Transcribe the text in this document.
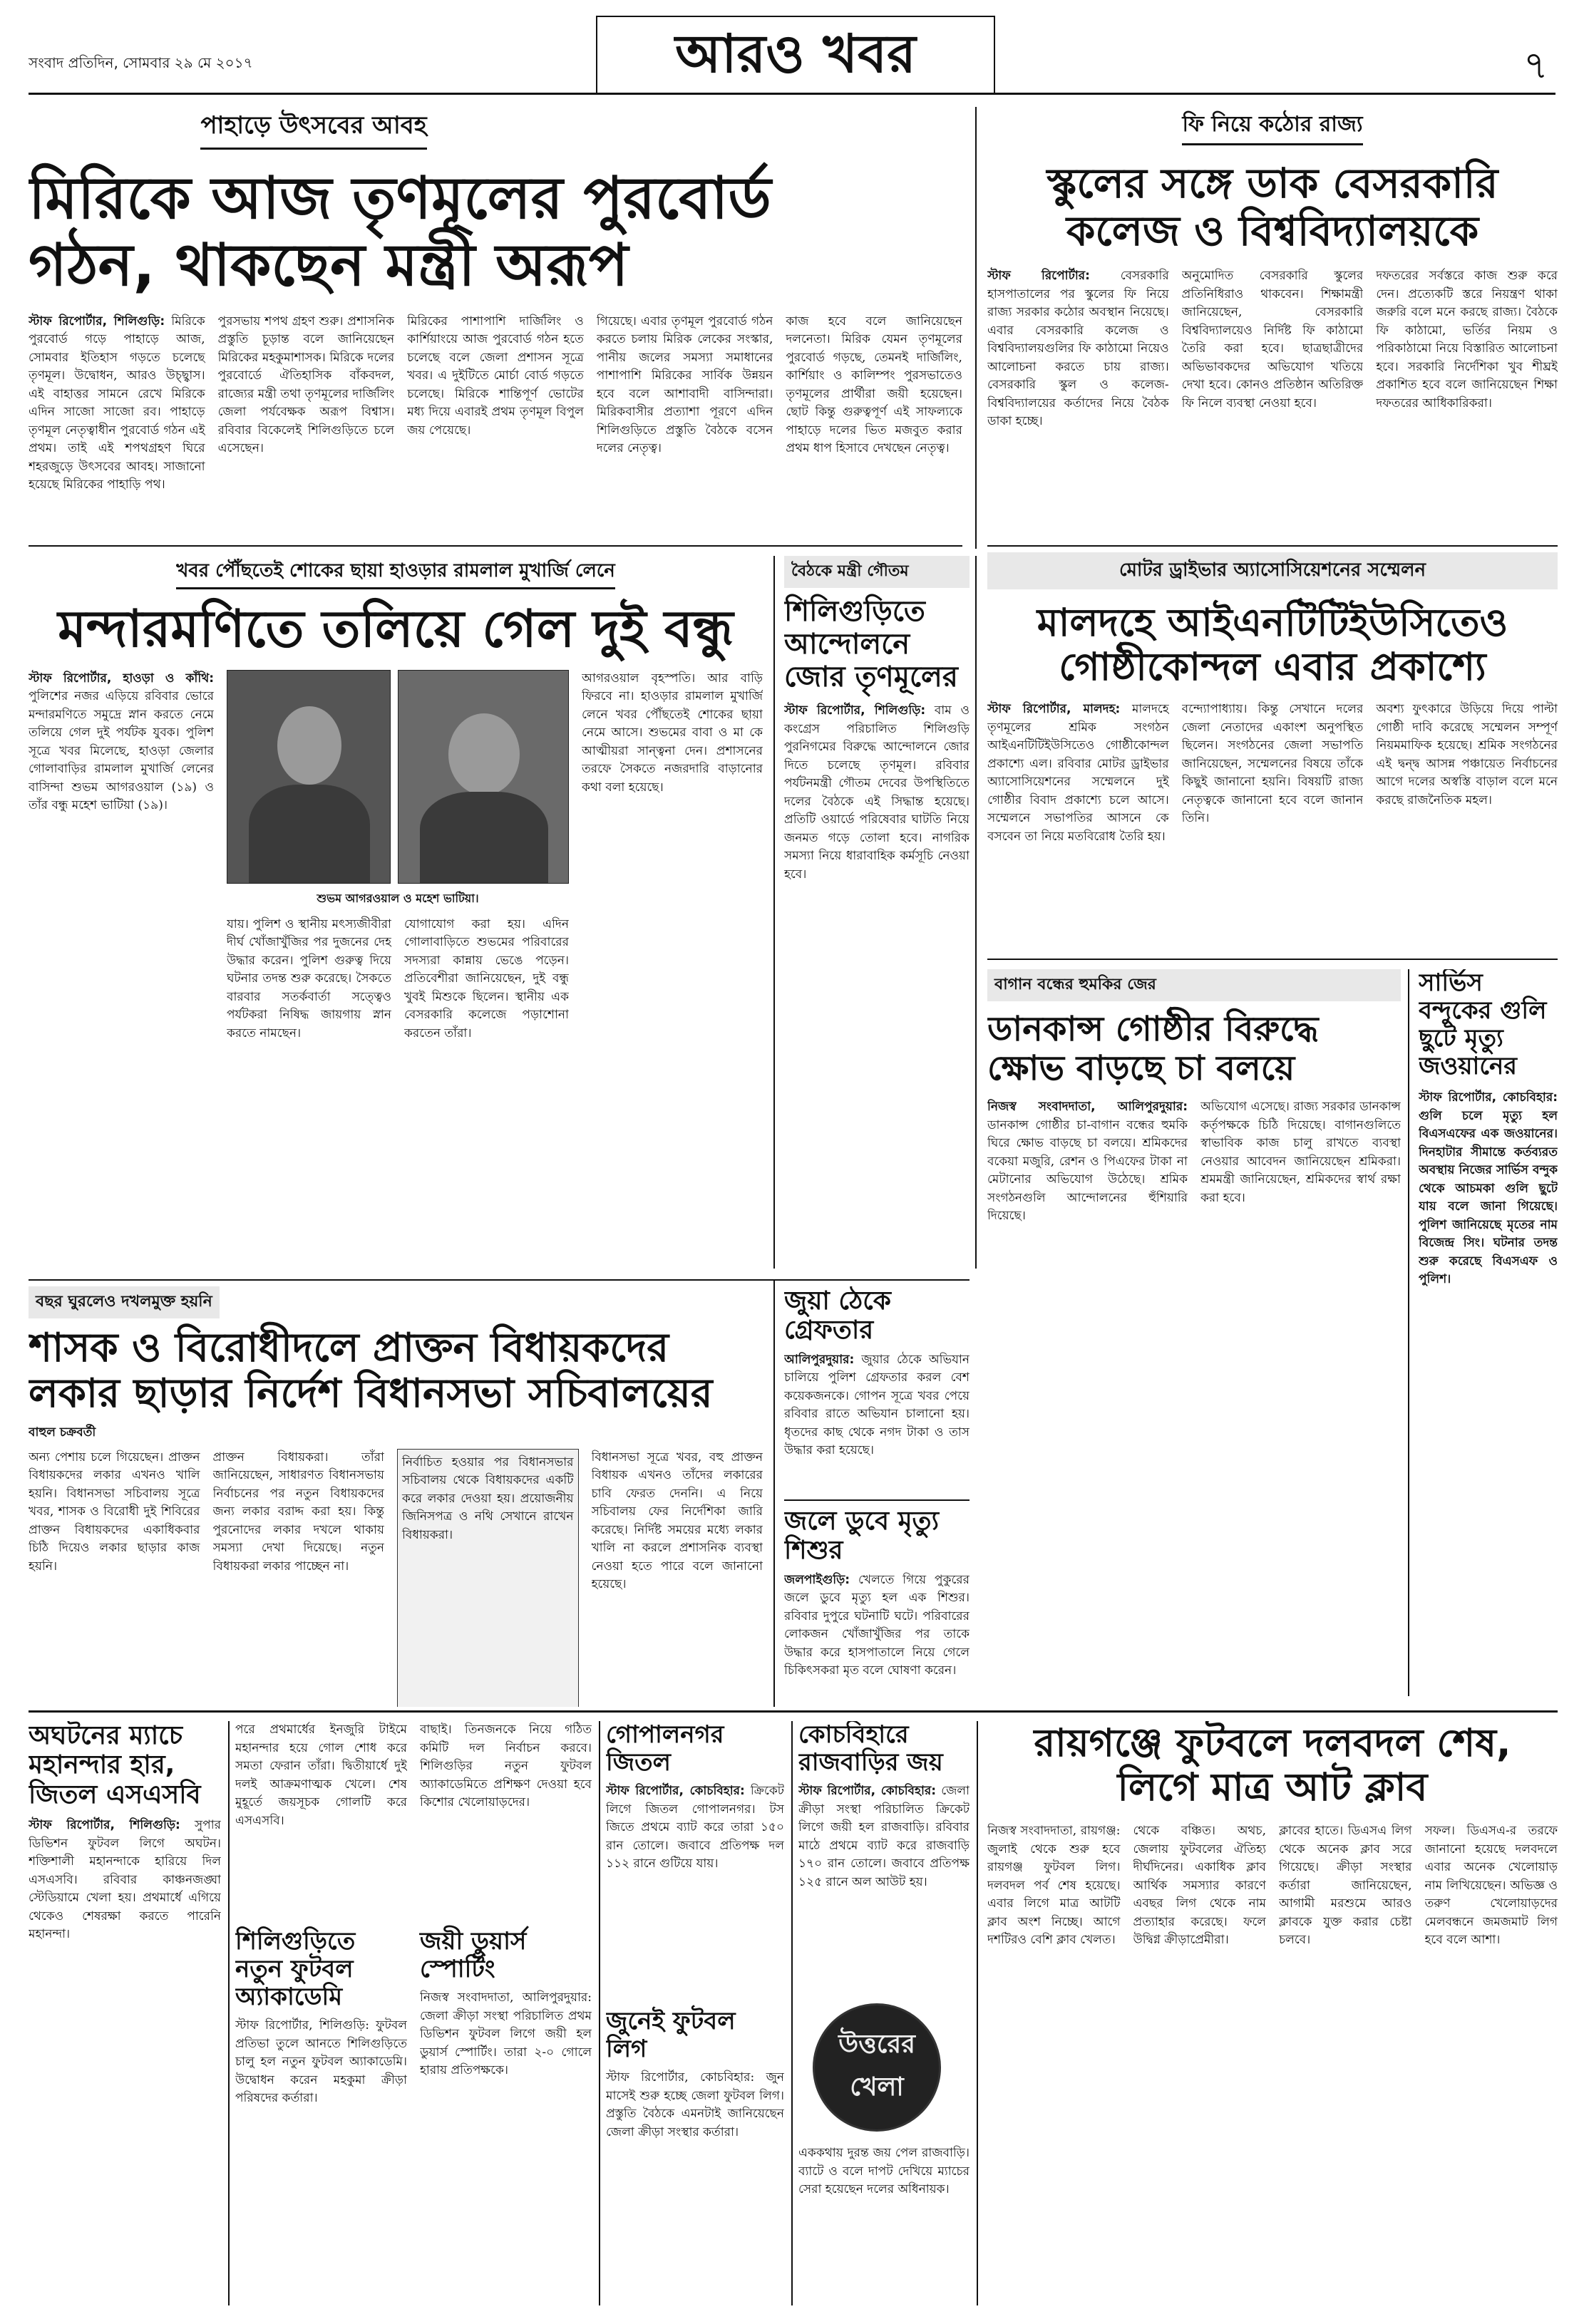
সংবাদ প্রতিদিন, সোমবার ২৯ মে ২০১৭	আরও খবর	৭
পাহাড়ে উৎসবের আবহ
মিরিকে আজ তৃণমূলের পুরবোর্ড
গঠন, থাকছেন মন্ত্রী অরূপ
স্টাফ রিপোর্টার, শিলিগুড়ি: মিরিকে পুরবোর্ড গড়ে পাহাড়ে আজ, সোমবার ইতিহাস গড়তে চলেছে তৃণমূল। উদ্বোধন, আরও উচ্ছ্বাস। এই বাহাত্তর সামনে রেখে মিরিকে এদিন সাজো সাজো রব। পাহাড়ে তৃণমূল নেতৃত্বাধীন পুরবোর্ড গঠন এই প্রথম। তাই এই শপথগ্রহণ ঘিরে শহরজুড়ে উৎসবের আবহ। সাজানো হয়েছে মিরিকের পাহাড়ি পথ।
পুরসভায় শপথ গ্রহণ শুরু। প্রশাসনিক প্রস্তুতি চূড়ান্ত বলে জানিয়েছেন মিরিকের মহকুমাশাসক। মিরিকে দলের পুরবোর্ডে ঐতিহাসিক বাঁকবদল, রাজ্যের মন্ত্রী তথা তৃণমূলের দার্জিলিং জেলা পর্যবেক্ষক অরূপ বিশ্বাস। রবিবার বিকেলেই শিলিগুড়িতে চলে এসেছেন।
মিরিকের পাশাপাশি দার্জিলিং ও কার্শিয়াংয়ে আজ পুরবোর্ড গঠন হতে চলেছে বলে জেলা প্রশাসন সূত্রে খবর। এ দুইটিতে মোর্চা বোর্ড গড়তে চলেছে। মিরিকে শান্তিপূর্ণ ভোটের মধ্য দিয়ে এবারই প্রথম তৃণমূল বিপুল জয় পেয়েছে।
গিয়েছে। এবার তৃণমূল পুরবোর্ড গঠন করতে চলায় মিরিক লেকের সংস্কার, পানীয় জলের সমস্যা সমাধানের পাশাপাশি মিরিকের সার্বিক উন্নয়ন হবে বলে আশাবাদী বাসিন্দারা। মিরিকবাসীর প্রত্যাশা পূরণে এদিন শিলিগুড়িতে প্রস্তুতি বৈঠকে বসেন দলের নেতৃত্ব।
কাজ হবে বলে জানিয়েছেন দলনেতা। মিরিক যেমন তৃণমূলের পুরবোর্ড গড়ছে, তেমনই দার্জিলিং, কার্শিয়াং ও কালিম্পং পুরসভাতেও তৃণমূলের প্রার্থীরা জয়ী হয়েছেন। ছোট কিন্তু গুরুত্বপূর্ণ এই সাফল্যকে পাহাড়ে দলের ভিত মজবুত করার প্রথম ধাপ হিসাবে দেখছেন নেতৃত্ব।
ফি নিয়ে কঠোর রাজ্য
স্কুলের সঙ্গে ডাক বেসরকারি
কলেজ ও বিশ্ববিদ্যালয়কে
স্টাফ রিপোর্টার:	বেসরকারি হাসপাতালের পর স্কুলের ফি নিয়ে রাজ্য সরকার কঠোর অবস্থান নিয়েছে। এবার বেসরকারি কলেজ ও বিশ্ববিদ্যালয়গুলির ফি কাঠামো নিয়েও আলোচনা করতে চায় রাজ্য। বেসরকারি স্কুল ও কলেজ-বিশ্ববিদ্যালয়ের কর্তাদের নিয়ে বৈঠক ডাকা হচ্ছে।
অনুমোদিত বেসরকারি স্কুলের প্রতিনিধিরাও থাকবেন। শিক্ষামন্ত্রী জানিয়েছেন, বেসরকারি বিশ্ববিদ্যালয়েও নির্দিষ্ট ফি কাঠামো তৈরি করা হবে। ছাত্রছাত্রীদের অভিভাবকদের অভিযোগ খতিয়ে দেখা হবে। কোনও প্রতিষ্ঠান অতিরিক্ত ফি নিলে ব্যবস্থা নেওয়া হবে।
দফতরের সর্বস্তরে কাজ শুরু করে দেন। প্রত্যেকটি স্তরে নিয়ন্ত্রণ থাকা জরুরি বলে মনে করছে রাজ্য। বৈঠকে ফি কাঠামো, ভর্তির নিয়ম ও পরিকাঠামো নিয়ে বিস্তারিত আলোচনা হবে। সরকারি নির্দেশিকা খুব শীঘ্রই প্রকাশিত হবে বলে জানিয়েছেন শিক্ষা দফতরের আধিকারিকরা।
খবর পৌঁছতেই শোকের ছায়া হাওড়ার রামলাল মুখার্জি লেনে
মন্দারমণিতে তলিয়ে গেল দুই বন্ধু
স্টাফ রিপোর্টার, হাওড়া ও কাঁথি: পুলিশের নজর এড়িয়ে রবিবার ভোরে মন্দারমণিতে সমুদ্রে স্নান করতে নেমে তলিয়ে গেল দুই পর্যটক যুবক। পুলিশ সূত্রে খবর মিলেছে, হাওড়া জেলার গোলাবাড়ির রামলাল মুখার্জি লেনের বাসিন্দা শুভম আগরওয়াল (১৯) ও তাঁর বন্ধু মহেশ ভাটিয়া (১৯)।
শুভম আগরওয়াল ও মহেশ ভাটিয়া।
যায়। পুলিশ ও স্থানীয় মৎস্যজীবীরা দীর্ঘ খোঁজাখুঁজির পর দুজনের দেহ উদ্ধার করেন। পুলিশ গুরুত্ব দিয়ে ঘটনার তদন্ত শুরু করেছে। সৈকতে বারবার সতর্কবার্তা সত্ত্বেও পর্যটকরা নিষিদ্ধ জায়গায় স্নান করতে নামছেন।
যোগাযোগ করা হয়। এদিন গোলাবাড়িতে শুভমের পরিবারের সদস্যরা কান্নায় ভেঙে পড়েন। প্রতিবেশীরা জানিয়েছেন, দুই বন্ধু খুবই মিশুকে ছিলেন। স্থানীয় এক বেসরকারি কলেজে পড়াশোনা করতেন তাঁরা।
আগরওয়াল বৃহস্পতি। আর বাড়ি ফিরবে না। হাওড়ার রামলাল মুখার্জি লেনে খবর পৌঁছতেই শোকের ছায়া নেমে আসে। শুভমের বাবা ও মা কে আত্মীয়রা সান্ত্বনা দেন। প্রশাসনের তরফে সৈকতে নজরদারি বাড়ানোর কথা বলা হয়েছে।
বৈঠকে মন্ত্রী গৌতম
শিলিগুড়িতে আন্দোলনে জোর তৃণমূলের
স্টাফ রিপোর্টার, শিলিগুড়ি: বাম ও কংগ্রেস পরিচালিত শিলিগুড়ি পুরনিগমের বিরুদ্ধে আন্দোলনে জোর দিতে চলেছে তৃণমূল। রবিবার পর্যটনমন্ত্রী গৌতম দেবের উপস্থিতিতে দলের বৈঠকে এই সিদ্ধান্ত হয়েছে। প্রতিটি ওয়ার্ডে পরিষেবার ঘাটতি নিয়ে জনমত গড়ে তোলা হবে। নাগরিক সমস্যা নিয়ে ধারাবাহিক কর্মসূচি নেওয়া হবে।
মোটর ড্রাইভার অ্যাসোসিয়েশনের সম্মেলন
মালদহে আইএনটিটিইউসিতেও
গোষ্ঠীকোন্দল এবার প্রকাশ্যে
স্টাফ রিপোর্টার, মালদহ: মালদহে তৃণমূলের শ্রমিক সংগঠন আইএনটিটিইউসিতেও গোষ্ঠীকোন্দল প্রকাশ্যে এল। রবিবার মোটর ড্রাইভার অ্যাসোসিয়েশনের সম্মেলনে দুই গোষ্ঠীর বিবাদ প্রকাশ্যে চলে আসে। সম্মেলনে সভাপতির আসনে কে বসবেন তা নিয়ে মতবিরোধ তৈরি হয়।
বন্দ্যোপাধ্যায়। কিন্তু সেখানে দলের জেলা নেতাদের একাংশ অনুপস্থিত ছিলেন। সংগঠনের জেলা সভাপতি জানিয়েছেন, সম্মেলনের বিষয়ে তাঁকে কিছুই জানানো হয়নি। বিষয়টি রাজ্য নেতৃত্বকে জানানো হবে বলে জানান তিনি।
অবশ্য ফুৎকারে উড়িয়ে দিয়ে পাল্টা গোষ্ঠী দাবি করেছে সম্মেলন সম্পূর্ণ নিয়মমাফিক হয়েছে। শ্রমিক সংগঠনের এই দ্বন্দ্ব আসন্ন পঞ্চায়েত নির্বাচনের আগে দলের অস্বস্তি বাড়াল বলে মনে করছে রাজনৈতিক মহল।
বাগান বন্ধের হুমকির জের
ডানকান্স গোষ্ঠীর বিরুদ্ধে
ক্ষোভ বাড়ছে চা বলয়ে
নিজস্ব সংবাদদাতা, আলিপুরদুয়ার: ডানকান্স গোষ্ঠীর চা-বাগান বন্ধের হুমকি ঘিরে ক্ষোভ বাড়ছে চা বলয়ে। শ্রমিকদের বকেয়া মজুরি, রেশন ও পিএফের টাকা না মেটানোর অভিযোগ উঠেছে। শ্রমিক সংগঠনগুলি আন্দোলনের হুঁশিয়ারি দিয়েছে।
অভিযোগ এসেছে। রাজ্য সরকার ডানকান্স কর্তৃপক্ষকে চিঠি দিয়েছে। বাগানগুলিতে স্বাভাবিক কাজ চালু রাখতে ব্যবস্থা নেওয়ার আবেদন জানিয়েছেন শ্রমিকরা। শ্রমমন্ত্রী জানিয়েছেন, শ্রমিকদের স্বার্থ রক্ষা করা হবে।
সার্ভিস বন্দুকের গুলি ছুটে মৃত্যু জওয়ানের
স্টাফ রিপোর্টার, কোচবিহার: গুলি চলে মৃত্যু হল বিএসএফের এক জওয়ানের। দিনহাটার সীমান্তে কর্তব্যরত অবস্থায় নিজের সার্ভিস বন্দুক থেকে আচমকা গুলি ছুটে যায় বলে জানা গিয়েছে। পুলিশ জানিয়েছে মৃতের নাম বিজেন্দ্র সিং। ঘটনার তদন্ত শুরু করেছে বিএসএফ ও পুলিশ।
বছর ঘুরলেও দখলমুক্ত হয়নি
শাসক ও বিরোধীদলে প্রাক্তন বিধায়কদের
লকার ছাড়ার নির্দেশ বিধানসভা সচিবালয়ের
বাহুল চক্রবর্তী
অন্য পেশায় চলে গিয়েছেন। প্রাক্তন বিধায়কদের লকার এখনও খালি হয়নি। বিধানসভা সচিবালয় সূত্রে খবর, শাসক ও বিরোধী দুই শিবিরের প্রাক্তন বিধায়কদের একাধিকবার চিঠি দিয়েও লকার ছাড়ার কাজ হয়নি।
প্রাক্তন বিধায়করা। তাঁরা জানিয়েছেন, সাধারণত বিধানসভায় নির্বাচনের পর নতুন বিধায়কদের জন্য লকার বরাদ্দ করা হয়। কিন্তু পুরনোদের লকার দখলে থাকায় সমস্যা দেখা দিয়েছে। নতুন বিধায়করা লকার পাচ্ছেন না।
নির্বাচিত হওয়ার পর বিধানসভার সচিবালয় থেকে বিধায়কদের একটি করে লকার দেওয়া হয়। প্রয়োজনীয় জিনিসপত্র ও নথি সেখানে রাখেন বিধায়করা।
বিধানসভা সূত্রে খবর, বহু প্রাক্তন বিধায়ক এখনও তাঁদের লকারের চাবি ফেরত দেননি। এ নিয়ে সচিবালয় ফের নির্দেশিকা জারি করেছে। নির্দিষ্ট সময়ের মধ্যে লকার খালি না করলে প্রশাসনিক ব্যবস্থা নেওয়া হতে পারে বলে জানানো হয়েছে।
জুয়া ঠেকে গ্রেফতার
আলিপুরদুয়ার: জুয়ার ঠেকে অভিযান চালিয়ে পুলিশ গ্রেফতার করল বেশ কয়েকজনকে। গোপন সূত্রে খবর পেয়ে রবিবার রাতে অভিযান চালানো হয়। ধৃতদের কাছ থেকে নগদ টাকা ও তাস উদ্ধার করা হয়েছে।
জলে ডুবে মৃত্যু শিশুর
জলপাইগুড়ি: খেলতে গিয়ে পুকুরের জলে ডুবে মৃত্যু হল এক শিশুর। রবিবার দুপুরে ঘটনাটি ঘটে। পরিবারের লোকজন খোঁজাখুঁজির পর তাকে উদ্ধার করে হাসপাতালে নিয়ে গেলে চিকিৎসকরা মৃত বলে ঘোষণা করেন।
অঘটনের ম্যাচে মহানন্দার হার, জিতল এসএসবি
স্টাফ রিপোর্টার, শিলিগুড়ি: সুপার ডিভিশন ফুটবল লিগে অঘটন। শক্তিশালী মহানন্দাকে হারিয়ে দিল এসএসবি। রবিবার কাঞ্চনজঙ্ঘা স্টেডিয়ামে খেলা হয়। প্রথমার্ধে এগিয়ে থেকেও শেষরক্ষা করতে পারেনি মহানন্দা।
পরে প্রথমার্ধের ইনজুরি টাইমে মহানন্দার হয়ে গোল শোধ করে সমতা ফেরান তাঁরা। দ্বিতীয়ার্ধে দুই দলই আক্রমণাত্মক খেলে। শেষ মুহূর্তে জয়সূচক গোলটি করে এসএসবি।
বাছাই। তিনজনকে নিয়ে গঠিত কমিটি দল নির্বাচন করবে। শিলিগুড়ির নতুন ফুটবল অ্যাকাডেমিতে প্রশিক্ষণ দেওয়া হবে কিশোর খেলোয়াড়দের।
শিলিগুড়িতে নতুন ফুটবল অ্যাকাডেমি
স্টাফ রিপোর্টার, শিলিগুড়ি: ফুটবল প্রতিভা তুলে আনতে শিলিগুড়িতে চালু হল নতুন ফুটবল অ্যাকাডেমি। উদ্বোধন করেন মহকুমা ক্রীড়া পরিষদের কর্তারা।
জয়ী ডুয়ার্স স্পোর্টিং
নিজস্ব সংবাদদাতা, আলিপুরদুয়ার: জেলা ক্রীড়া সংস্থা পরিচালিত প্রথম ডিভিশন ফুটবল লিগে জয়ী হল ডুয়ার্স স্পোর্টিং। তারা ২-০ গোলে হারায় প্রতিপক্ষকে।
গোপালনগর জিতল
স্টাফ রিপোর্টার, কোচবিহার: ক্রিকেট লিগে জিতল গোপালনগর। টস জিতে প্রথমে ব্যাট করে তারা ১৫০ রান তোলে। জবাবে প্রতিপক্ষ দল ১১২ রানে গুটিয়ে যায়।
জুনেই ফুটবল লিগ
স্টাফ রিপোর্টার, কোচবিহার: জুন মাসেই শুরু হচ্ছে জেলা ফুটবল লিগ। প্রস্তুতি বৈঠকে এমনটাই জানিয়েছেন জেলা ক্রীড়া সংস্থার কর্তারা।
কোচবিহারে রাজবাড়ির জয়
স্টাফ রিপোর্টার, কোচবিহার: জেলা ক্রীড়া সংস্থা পরিচালিত ক্রিকেট লিগে জয়ী হল রাজবাড়ি। রবিবার মাঠে প্রথমে ব্যাট করে রাজবাড়ি ১৭০ রান তোলে। জবাবে প্রতিপক্ষ ১২৫ রানে অল আউট হয়।
উত্তরের খেলা
এককথায় দুরন্ত জয় পেল রাজবাড়ি। ব্যাটে ও বলে দাপট দেখিয়ে ম্যাচের সেরা হয়েছেন দলের অধিনায়ক।
রায়গঞ্জে ফুটবলে দলবদল শেষ,
লিগে মাত্র আট ক্লাব
নিজস্ব সংবাদদাতা, রায়গঞ্জ: জুলাই থেকে শুরু হবে রায়গঞ্জ ফুটবল লিগ। দলবদল পর্ব শেষ হয়েছে। এবার লিগে মাত্র আটটি ক্লাব অংশ নিচ্ছে। আগে দশটিরও বেশি ক্লাব খেলত।
থেকে বঞ্চিত। অথচ, জেলায় ফুটবলের ঐতিহ্য দীর্ঘদিনের। একাধিক ক্লাব আর্থিক সমস্যার কারণে এবছর লিগ থেকে নাম প্রত্যাহার করেছে। ফলে উদ্বিগ্ন ক্রীড়াপ্রেমীরা।
ক্লাবের হাতে। ডিএসএ লিগ থেকে অনেক ক্লাব সরে গিয়েছে। ক্রীড়া সংস্থার কর্তারা জানিয়েছেন, আগামী মরশুমে আরও ক্লাবকে যুক্ত করার চেষ্টা চলবে।
সফল। ডিএসএ-র তরফে জানানো হয়েছে দলবদলে এবার অনেক খেলোয়াড় নাম লিখিয়েছেন। অভিজ্ঞ ও তরুণ খেলোয়াড়দের মেলবন্ধনে জমজমাট লিগ হবে বলে আশা।
